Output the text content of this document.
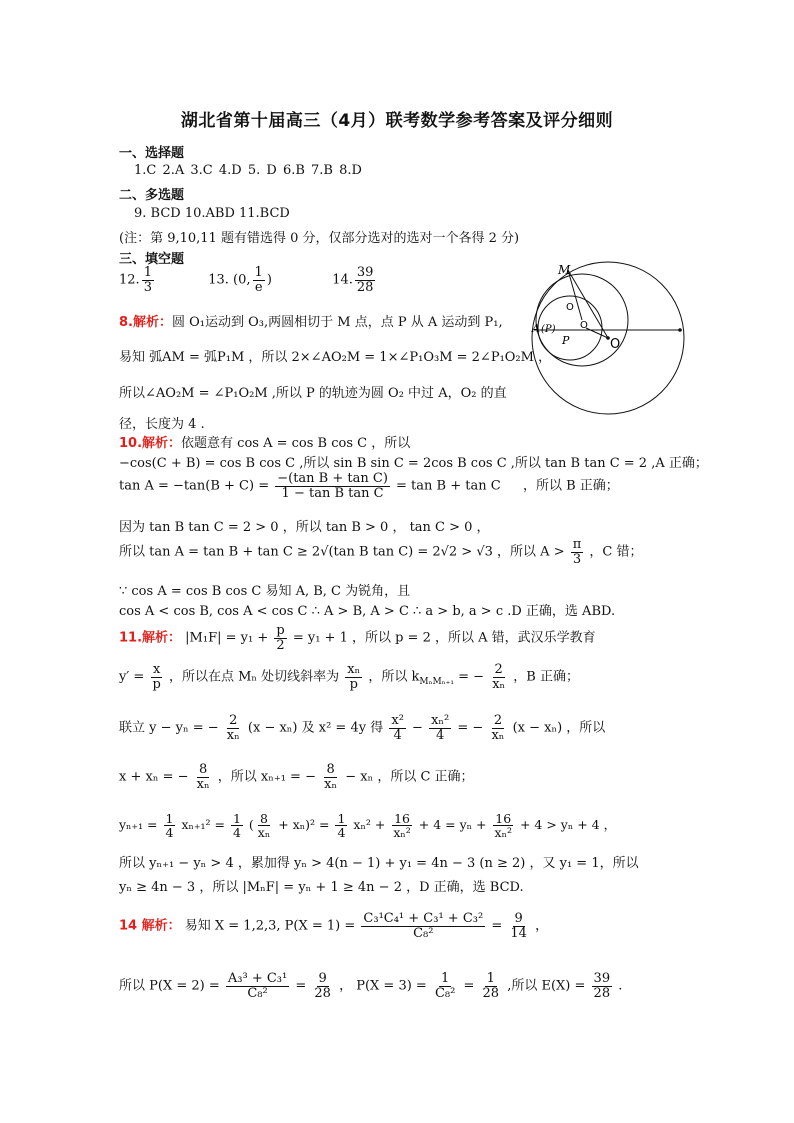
湖北省第十届高三（4月）联考数学参考答案及评分细则
一、选择题
1.C 2.A 3.C 4.D 5. D 6.B 7.B 8.D
二、多选题
9. BCD 10.ABD 11.BCD
(注：第 9,10,11 题有错选得 0 分，仅部分选对的选对一个各得 2 分)
三、填空题
12. $\frac{1}{3}$	13. (0, $\frac{1}{e}$ )	14. $\frac{39}{28}$	M
O
O
A (P)
P	O
8.解析：圆 O₁运动到 O₃,两圆相切于 M 点，点 P 从 A 运动到 P₁,
易知 弧AM = 弧P₁M ，所以 2×∠AO₂M = 1×∠P₁O₃M = 2∠P₁O₂M ，
所以∠AO₂M = ∠P₁O₂M ,所以 P 的轨迹为圆 O₂ 中过 A，O₂ 的直
径，长度为 4 .
10.解析：依题意有 cos A = cos B cos C ，所以
−cos(C + B) = cos B cos C ,所以 sin B sin C = 2cos B cos C ,所以 tan B tan C = 2 ,A 正确；
$\tan A = -\tan(B + C) = \frac{\text{−(tan B + tan C)}}{\text{1 − tan B tan C}} = \tan B + \tan C$ ，所以 B 正确；
因为 tan B tan C = 2 > 0 ，所以 tan B > 0 ， tan C > 0 ，
所以 tan A = tan B + tan C ≥ 2√(tan B tan C) = 2√2 > √3 ，所以 $A > \frac{\pi}{3}$ ，C 错；
∵ cos A = cos B cos C 易知 A, B, C 为锐角，且
cos A < cos B, cos A < cos C ∴ A > B, A > C ∴ a > b, a > c .D 正确，选 ABD.
11.解析： $|M_1F| = y_1 + \frac{p}{2} = y_1 + 1$ ，所以 p = 2 ，所以 A 错，武汉乐学教育
$y' = \frac{x}{p}$ ，所以在点 Mₙ 处切线斜率为 $\frac{\text{xₙ}}{p}$ ，所以 $k_{M_nM_{n+1}}$ = − $\frac{2}{\text{xₙ}}$ ，B 正确；
联立 y − yₙ = − $\frac{2}{\text{xₙ}} (x - x_n)$ 及 x² = 4y 得 $\frac{\text{x²}}{4} - \frac{\text{xₙ²}}{4}$ = − $\frac{2}{\text{xₙ}} (x - x_n)$ ，所以
x + xₙ = − $\frac{8}{\text{xₙ}}$ ，所以 xₙ₊₁ = − $\frac{8}{\text{xₙ}} - x_n$ ，所以 C 正确；
$y_{n+1} = \frac{1}{4} x_{n+1}^2 = \frac{1}{4}$ ( $\frac{8}{\text{xₙ}} + x_n)^2 = \frac{1}{4} x_n^2 + \frac{16}{\text{xₙ²}} + 4 = y_n + \frac{16}{\text{xₙ²}} + 4 > y_n + 4$ ，
所以 yₙ₊₁ − yₙ > 4 ，累加得 yₙ > 4(n − 1) + y₁ = 4n − 3 (n ≥ 2) ，又 y₁ = 1，所以
yₙ ≥ 4n − 3 ，所以 |MₙF| = yₙ + 1 ≥ 4n − 2 ，D 正确，选 BCD.
14 解析： 易知 X = 1,2,3, $P(X = 1) = \frac{\text{C₃¹C₄¹ + C₃¹ + C₃²}}{\text{C₈²}} = \frac{9}{14}$ ，
所以 $P(X = 2) = \frac{\text{A₃³ + C₃¹}}{\text{C₈²}} = \frac{9}{28}$ ， $P(X = 3) = \frac{1}{\text{C₈²}} = \frac{1}{28}$ ,所以 $E(X) = \frac{39}{28}$ .
